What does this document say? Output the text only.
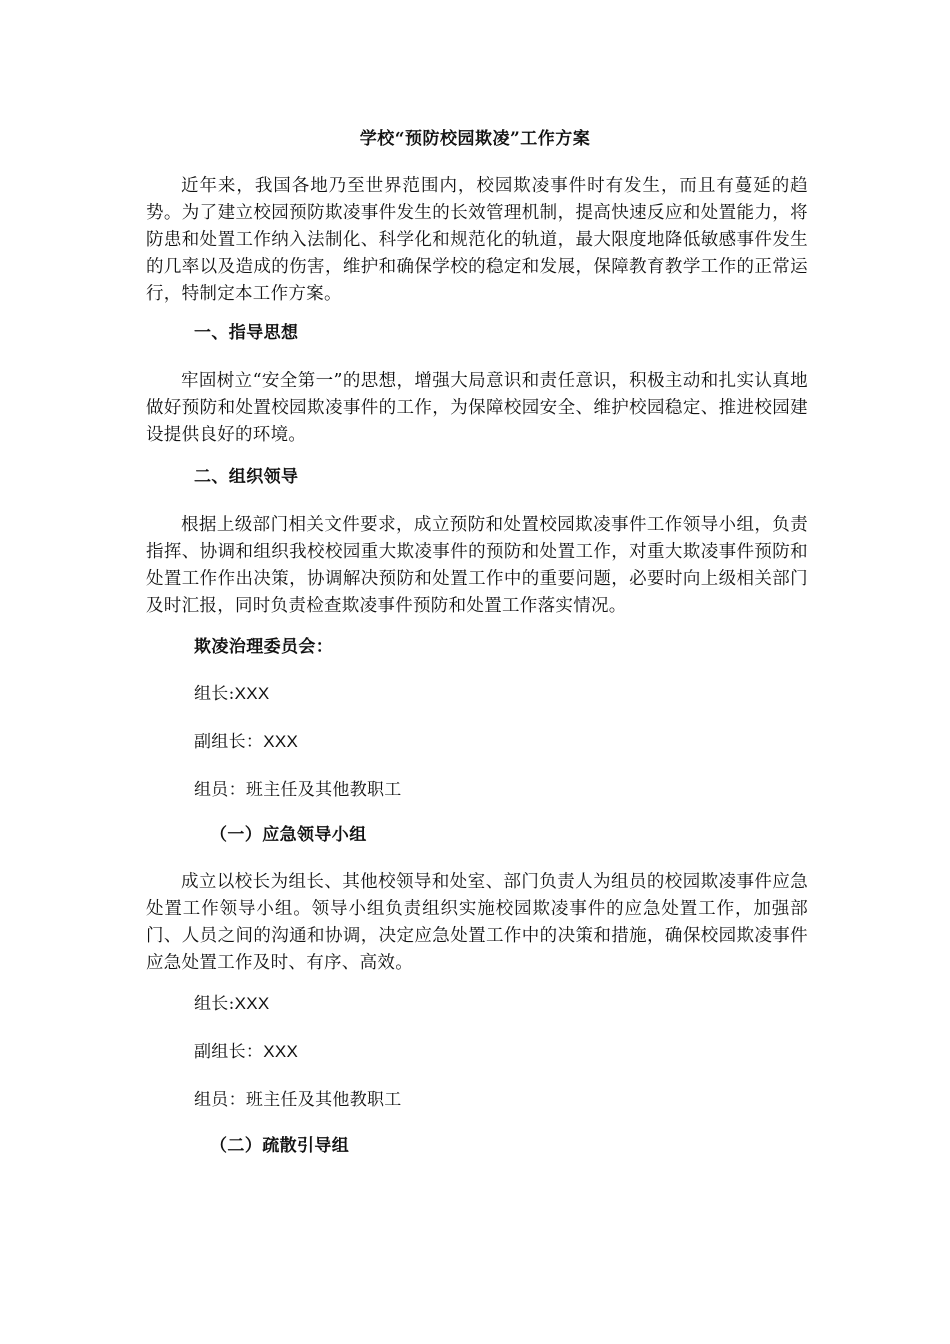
学校“预防校园欺凌”工作方案
近年来，我国各地乃至世界范围内，校园欺凌事件时有发生，而且有蔓延的趋势。为了建立校园预防欺凌事件发生的长效管理机制，提高快速反应和处置能力，将防患和处置工作纳入法制化、科学化和规范化的轨道，最大限度地降低敏感事件发生的几率以及造成的伤害，维护和确保学校的稳定和发展，保障教育教学工作的正常运行，特制定本工作方案。
一、指导思想
牢固树立“安全第一”的思想，增强大局意识和责任意识，积极主动和扎实认真地做好预防和处置校园欺凌事件的工作，为保障校园安全、维护校园稳定、推进校园建设提供良好的环境。
二、组织领导
根据上级部门相关文件要求，成立预防和处置校园欺凌事件工作领导小组，负责指挥、协调和组织我校校园重大欺凌事件的预防和处置工作，对重大欺凌事件预防和处置工作作出决策，协调解决预防和处置工作中的重要问题，必要时向上级相关部门及时汇报，同时负责检查欺凌事件预防和处置工作落实情况。
欺凌治理委员会：
组长:XXX
副组长：XXX
组员：班主任及其他教职工
（一）应急领导小组
成立以校长为组长、其他校领导和处室、部门负责人为组员的校园欺凌事件应急处置工作领导小组。领导小组负责组织实施校园欺凌事件的应急处置工作，加强部门、人员之间的沟通和协调，决定应急处置工作中的决策和措施，确保校园欺凌事件应急处置工作及时、有序、高效。
组长:XXX
副组长：XXX
组员：班主任及其他教职工
（二）疏散引导组
